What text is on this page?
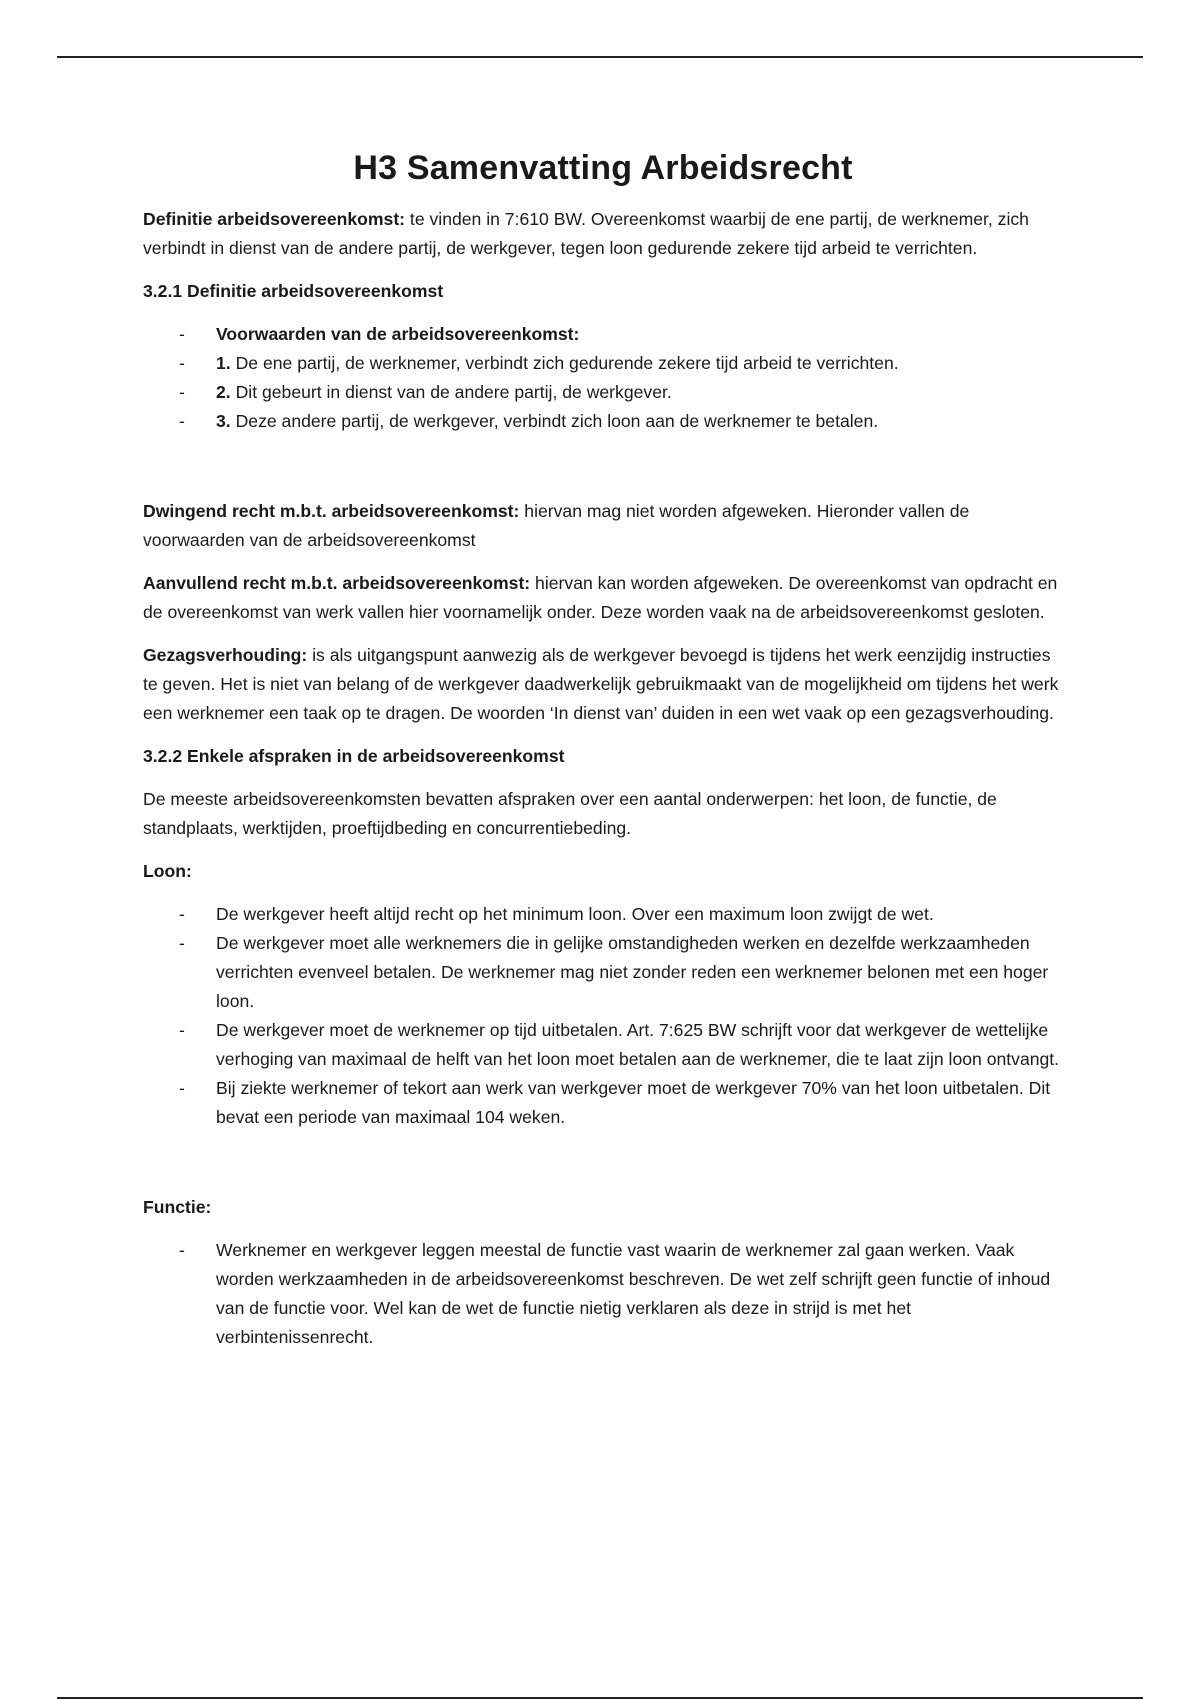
H3 Samenvatting Arbeidsrecht

Definitie arbeidsovereenkomst: te vinden in 7:610 BW. Overeenkomst waarbij de ene partij, de werknemer, zich verbindt in dienst van de andere partij, de werkgever, tegen loon gedurende zekere tijd arbeid te verrichten.

3.2.1 Definitie arbeidsovereenkomst
- Voorwaarden van de arbeidsovereenkomst:
- 1. De ene partij, de werknemer, verbindt zich gedurende zekere tijd arbeid te verrichten.
- 2. Dit gebeurt in dienst van de andere partij, de werkgever.
- 3. Deze andere partij, de werkgever, verbindt zich loon aan de werknemer te betalen.

Dwingend recht m.b.t. arbeidsovereenkomst: hiervan mag niet worden afgeweken. Hieronder vallen de voorwaarden van de arbeidsovereenkomst

Aanvullend recht m.b.t. arbeidsovereenkomst: hiervan kan worden afgeweken. De overeenkomst van opdracht en de overeenkomst van werk vallen hier voornamelijk onder. Deze worden vaak na de arbeidsovereenkomst gesloten.

Gezagsverhouding: is als uitgangspunt aanwezig als de werkgever bevoegd is tijdens het werk eenzijdig instructies te geven. Het is niet van belang of de werkgever daadwerkelijk gebruikmaakt van de mogelijkheid om tijdens het werk een werknemer een taak op te dragen. De woorden ‘In dienst van’ duiden in een wet vaak op een gezagsverhouding.

3.2.2 Enkele afspraken in de arbeidsovereenkomst

De meeste arbeidsovereenkomsten bevatten afspraken over een aantal onderwerpen: het loon, de functie, de standplaats, werktijden, proeftijdbeding en concurrentiebeding.

Loon:
- De werkgever heeft altijd recht op het minimum loon. Over een maximum loon zwijgt de wet.
- De werkgever moet alle werknemers die in gelijke omstandigheden werken en dezelfde werkzaamheden verrichten evenveel betalen. De werknemer mag niet zonder reden een werknemer belonen met een hoger loon.
- De werkgever moet de werknemer op tijd uitbetalen. Art. 7:625 BW schrijft voor dat werkgever de wettelijke verhoging van maximaal de helft van het loon moet betalen aan de werknemer, die te laat zijn loon ontvangt.
- Bij ziekte werknemer of tekort aan werk van werkgever moet de werkgever 70% van het loon uitbetalen. Dit bevat een periode van maximaal 104 weken.
Functie:
- Werknemer en werkgever leggen meestal de functie vast waarin de werknemer zal gaan werken. Vaak worden werkzaamheden in de arbeidsovereenkomst beschreven. De wet zelf schrijft geen functie of inhoud van de functie voor. Wel kan de wet de functie nietig verklaren als deze in strijd is met het verbintenissenrecht.
